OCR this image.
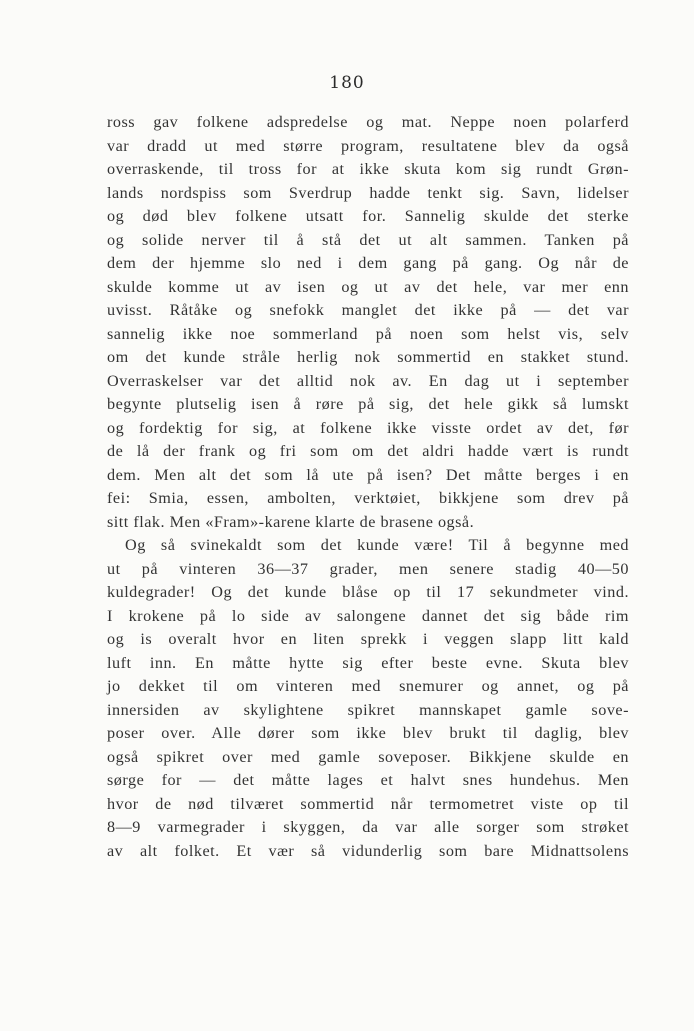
180
ross gav folkene adspredelse og mat. Neppe noen polarferd
var dradd ut med større program, resultatene blev da også
overraskende, til tross for at ikke skuta kom sig rundt Grøn-
lands nordspiss som Sverdrup hadde tenkt sig. Savn, lidelser
og død blev folkene utsatt for. Sannelig skulde det sterke
og solide nerver til å stå det ut alt sammen. Tanken på
dem der hjemme slo ned i dem gang på gang. Og når de
skulde komme ut av isen og ut av det hele, var mer enn
uvisst. Råtåke og snefokk manglet det ikke på — det var
sannelig ikke noe sommerland på noen som helst vis, selv
om det kunde stråle herlig nok sommertid en stakket stund.
Overraskelser var det alltid nok av. En dag ut i september
begynte plutselig isen å røre på sig, det hele gikk så lumskt
og fordektig for sig, at folkene ikke visste ordet av det, før
de lå der frank og fri som om det aldri hadde vært is rundt
dem. Men alt det som lå ute på isen? Det måtte berges i en
fei: Smia, essen, ambolten, verktøiet, bikkjene som drev på
sitt flak. Men «Fram»-karene klarte de brasene også.
Og så svinekaldt som det kunde være! Til å begynne med
ut på vinteren 36—37 grader, men senere stadig 40—50
kuldegrader! Og det kunde blåse op til 17 sekundmeter vind.
I krokene på lo side av salongene dannet det sig både rim
og is overalt hvor en liten sprekk i veggen slapp litt kald
luft inn. En måtte hytte sig efter beste evne. Skuta blev
jo dekket til om vinteren med snemurer og annet, og på
innersiden av skylightene spikret mannskapet gamle sove-
poser over. Alle dører som ikke blev brukt til daglig, blev
også spikret over med gamle soveposer. Bikkjene skulde en
sørge for — det måtte lages et halvt snes hundehus. Men
hvor de nød tilværet sommertid når termometret viste op til
8—9 varmegrader i skyggen, da var alle sorger som strøket
av alt folket. Et vær så vidunderlig som bare Midnattsolens
